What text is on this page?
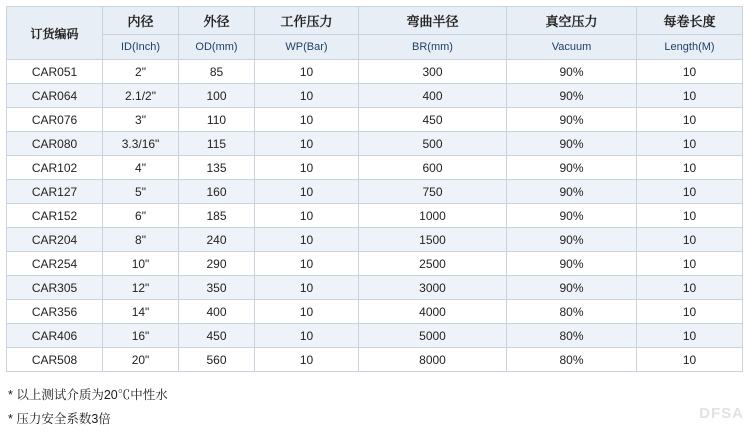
订货编码	内径	外径	工作压力	弯曲半径	真空压力	每卷长度
	ID(Inch)	OD(mm)	WP(Bar)	BR(mm)	Vacuum	Length(M)
CAR051	2"	85	10	300	90%	10
CAR064	2.1/2"	100	10	400	90%	10
CAR076	3"	110	10	450	90%	10
CAR080	3.3/16"	115	10	500	90%	10
CAR102	4"	135	10	600	90%	10
CAR127	5"	160	10	750	90%	10
CAR152	6"	185	10	1000	90%	10
CAR204	8"	240	10	1500	90%	10
CAR254	10"	290	10	2500	90%	10
CAR305	12"	350	10	3000	90%	10
CAR356	14"	400	10	4000	80%	10
CAR406	16"	450	10	5000	80%	10
CAR508	20"	560	10	8000	80%	10
* 以上测试介质为20℃中性水
* 压力安全系数3倍	DFSA
